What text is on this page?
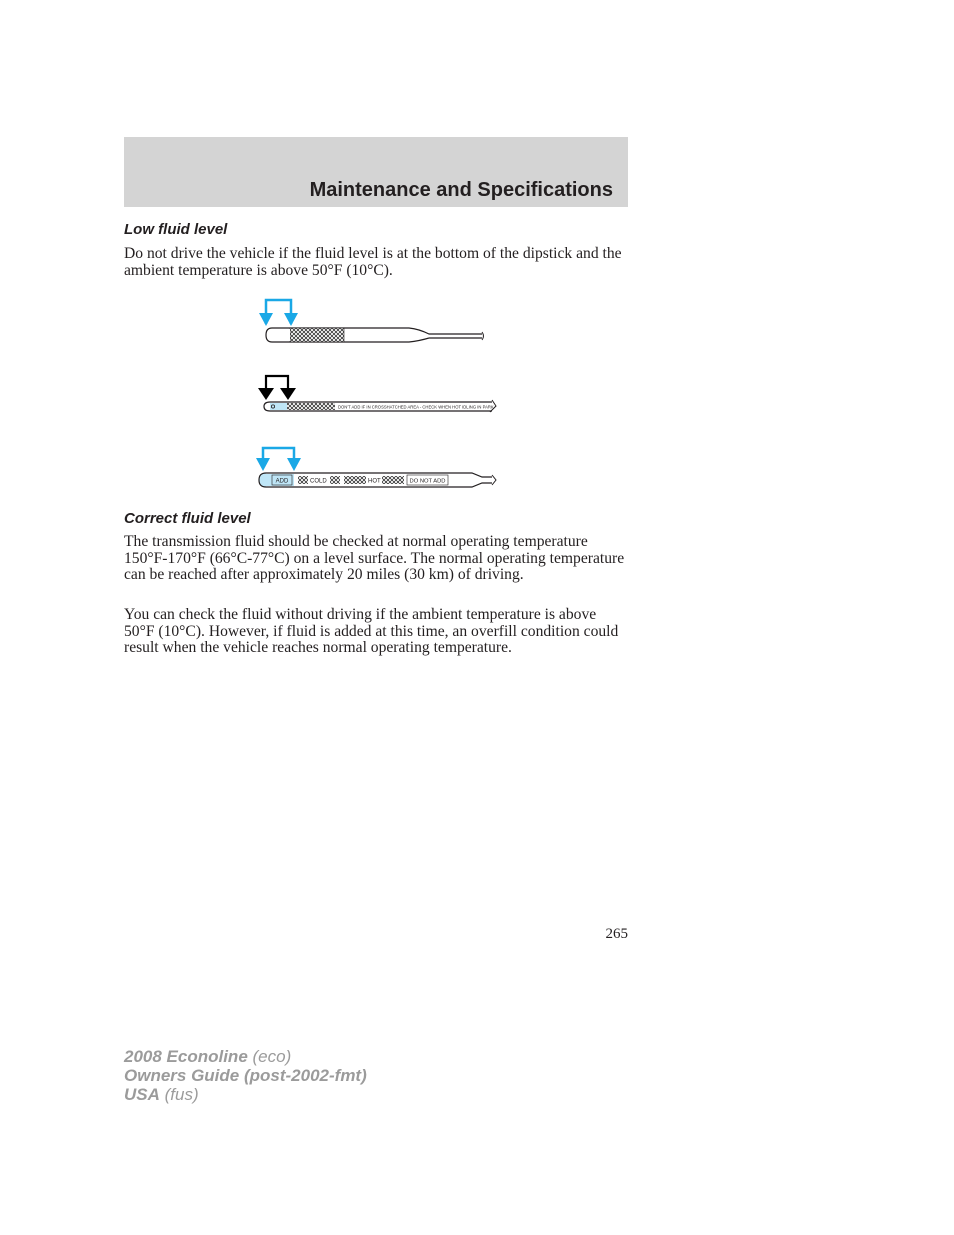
Maintenance and Specifications
Low fluid level

Do not drive the vehicle if the fluid level is at the bottom of the dipstick and the ambient temperature is above 50°F (10°C).

DON'T ADD IF IN CROSSHATCHED AREA - CHECK WHEN HOT IDLING IN PARK
ADD	COLD	HOT	DO NOT ADD
Correct fluid level

The transmission fluid should be checked at normal operating temperature 150°F-170°F (66°C-77°C) on a level surface. The normal operating temperature can be reached after approximately 20 miles (30 km) of driving.

You can check the fluid without driving if the ambient temperature is above 50°F (10°C). However, if fluid is added at this time, an overfill condition could result when the vehicle reaches normal operating temperature.

265

2008 Econoline (eco)
Owners Guide (post-2002-fmt)
USA (fus)
